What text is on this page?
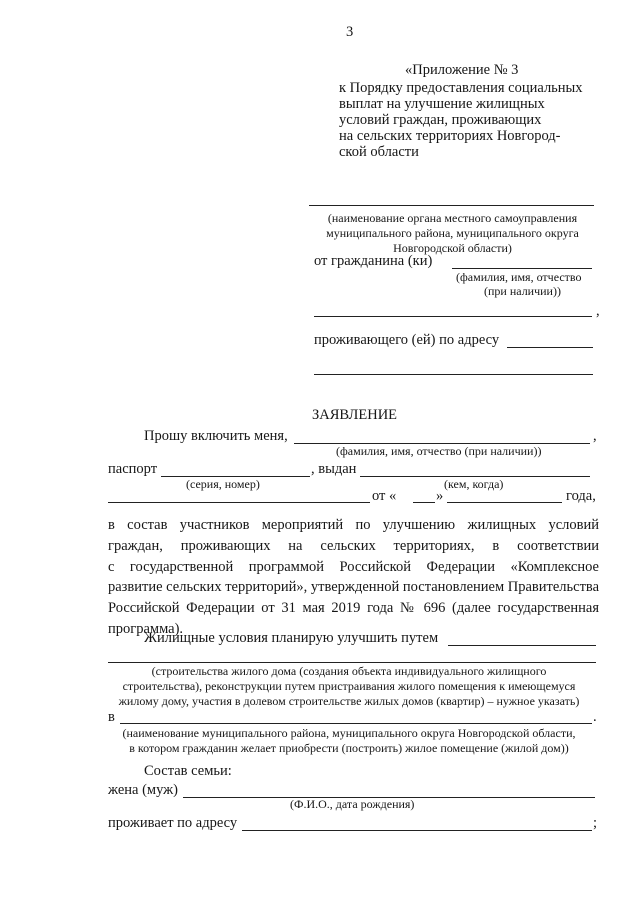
3
«Приложение № 3
к Порядку предоставления социальных
выплат на улучшение жилищных
условий граждан, проживающих
на сельских территориях Новгород-
ской области
(наименование органа местного самоуправления
муниципального района, муниципального округа
Новгородской области)
от гражданина (ки)
(фамилия, имя, отчество
(при наличии))
,
проживающего (ей) по адресу
ЗАЯВЛЕНИЕ
Прошу включить меня,	,
(фамилия, имя, отчество (при наличии))
паспорт	, выдан
(серия, номер)	(кем, когда)
от «	»	года,
в состав участников мероприятий по улучшению жилищных условий
граждан, проживающих на сельских территориях, в соответствии
с государственной программой Российской Федерации «Комплексное
развитие сельских территорий», утвержденной постановлением Правительства
Российской Федерации от 31 мая 2019 года № 696 (далее государственная
программа).
Жилищные условия планирую улучшить путем
(строительства жилого дома (создания объекта индивидуального жилищного
строительства), реконструкции путем пристраивания жилого помещения к имеющемуся
жилому дому, участия в долевом строительстве жилых домов (квартир) – нужное указать)
в	.
(наименование муниципального района, муниципального округа Новгородской области,
в котором гражданин желает приобрести (построить) жилое помещение (жилой дом))
Состав семьи:
жена (муж)
(Ф.И.О., дата рождения)
проживает по адресу	;
